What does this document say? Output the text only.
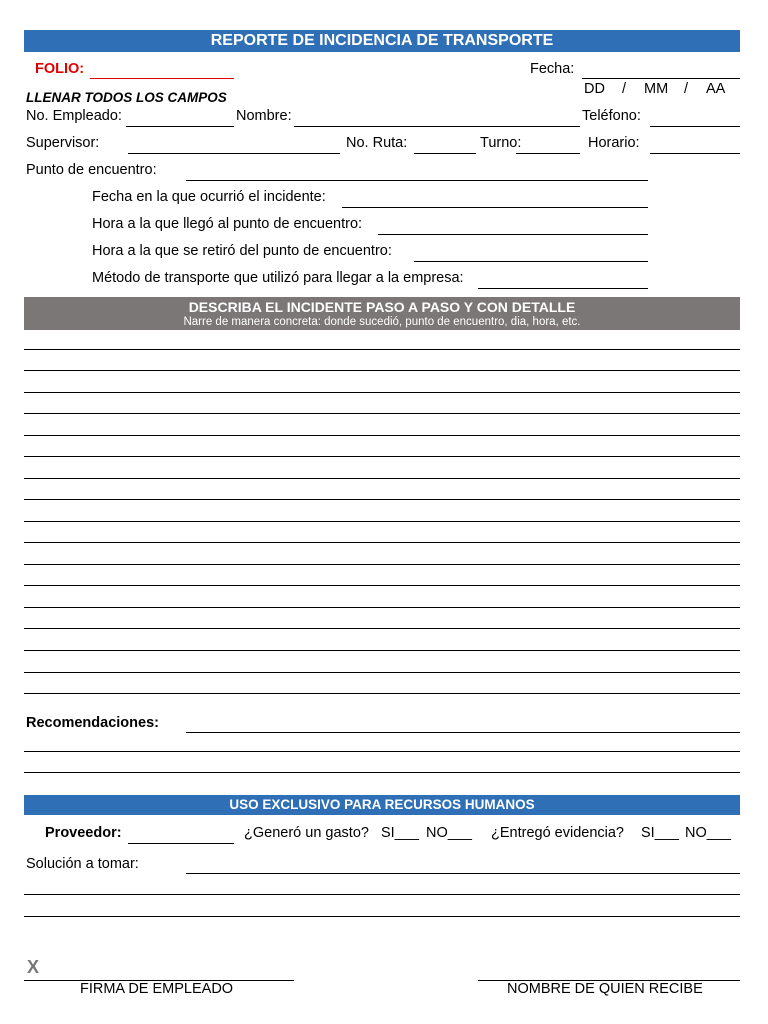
REPORTE DE INCIDENCIA DE TRANSPORTE
FOLIO:	Fecha:
DD / MM / AA
LLENAR TODOS LOS CAMPOS
No. Empleado:	Nombre:	Teléfono:
Supervisor:	No. Ruta:	Turno:	Horario:
Punto de encuentro:
Fecha en la que ocurrió el incidente:
Hora a la que llegó al punto de encuentro:
Hora a la que se retiró del punto de encuentro:
Método de transporte que utilizó para llegar a la empresa:
DESCRIBA EL INCIDENTE PASO A PASO Y CON DETALLE
Narre de manera concreta: donde sucedió, punto de encuentro, dia, hora, etc.
Recomendaciones:
USO EXCLUSIVO PARA RECURSOS HUMANOS
Proveedor:	¿Generó un gasto? SI___ NO___ ¿Entregó evidencia? SI___ NO___
Solución a tomar:
X
FIRMA DE EMPLEADO	NOMBRE DE QUIEN RECIBE
